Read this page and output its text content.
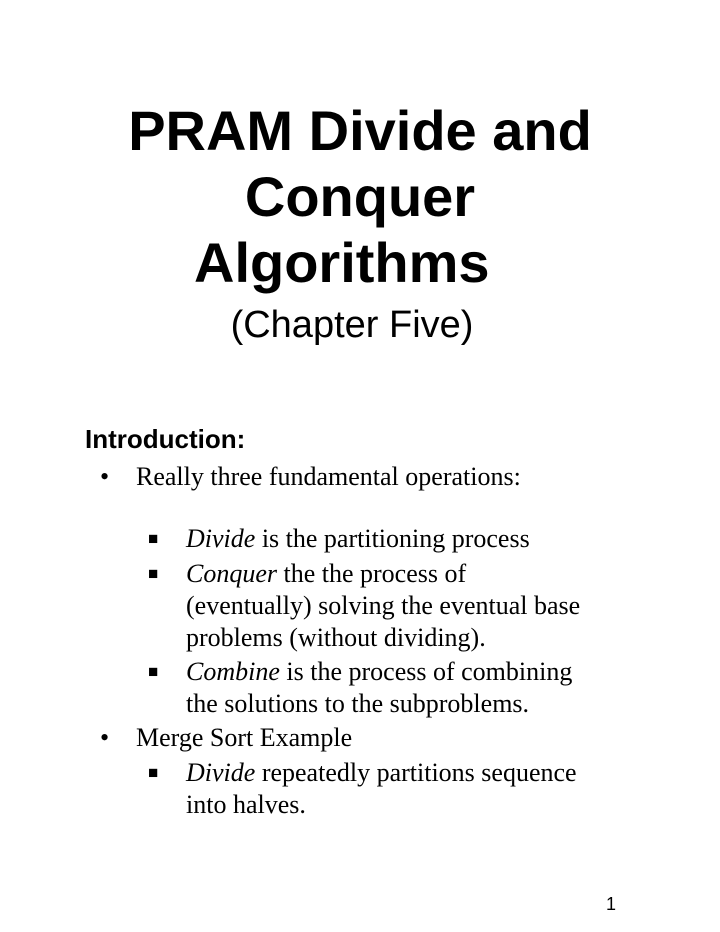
PRAM Divide and
Conquer
Algorithms
(Chapter Five)
Introduction:
•	Really three fundamental operations:
■	Divide is the partitioning process
■	Conquer the the process of
(eventually) solving the eventual base
problems (without dividing).
■	Combine is the process of combining
the solutions to the subproblems.
•	Merge Sort Example
■	Divide repeatedly partitions sequence
into halves.
1
